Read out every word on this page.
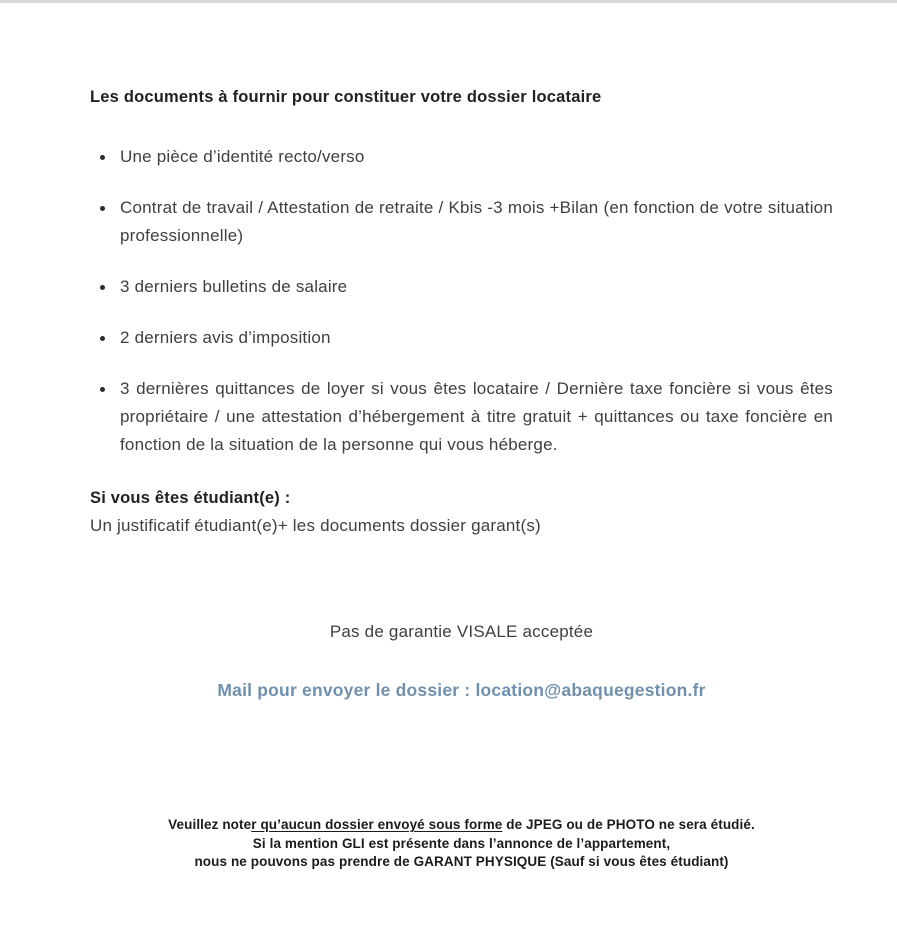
Les documents à fournir pour constituer votre dossier locataire
Une pièce d’identité recto/verso
Contrat de travail / Attestation de retraite / Kbis -3 mois +Bilan (en fonction de votre situation professionnelle)
3 derniers bulletins de salaire
2 derniers avis d’imposition
3 dernières quittances de loyer si vous êtes locataire / Dernière taxe foncière si vous êtes propriétaire / une attestation d’hébergement à titre gratuit + quittances ou taxe foncière en fonction de la situation de la personne qui vous héberge.

Si vous êtes étudiant(e) :

Un justificatif étudiant(e)+ les documents dossier garant(s)

Pas de garantie VISALE acceptée

Mail pour envoyer le dossier : location@abaquegestion.fr

Veuillez noter qu’aucun dossier envoyé sous forme de JPEG ou de PHOTO ne sera étudié.

Si la mention GLI est présente dans l’annonce de l’appartement,

nous ne pouvons pas prendre de GARANT PHYSIQUE (Sauf si vous êtes étudiant)
